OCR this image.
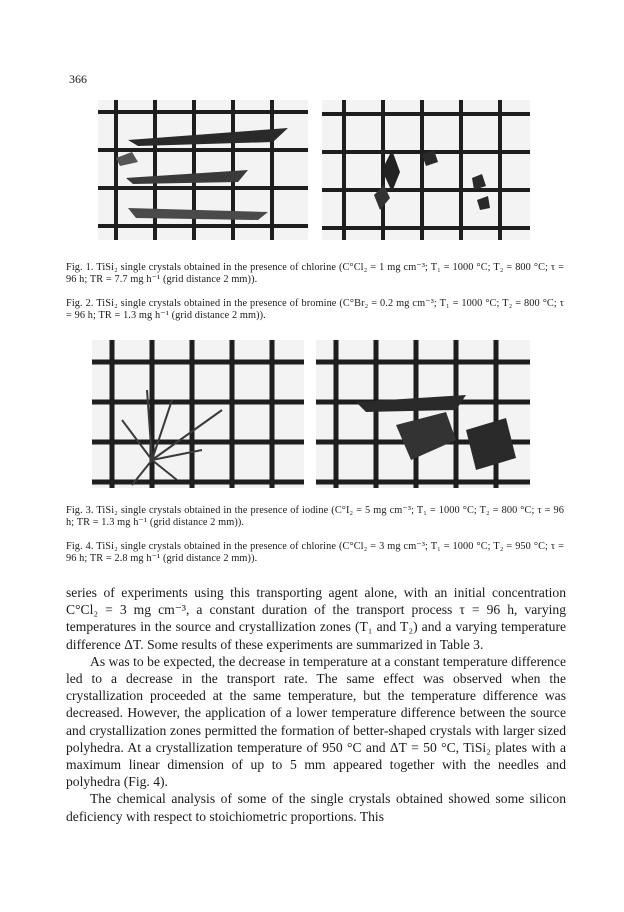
366
Fig. 1. TiSi₂ single crystals obtained in the presence of chlorine (C°Cl₂ = 1 mg cm⁻³; T₁ = 1000 °C; T₂ = 800 °C; τ = 96 h; TR = 7.7 mg h⁻¹ (grid distance 2 mm)).
Fig. 2. TiSi₂ single crystals obtained in the presence of bromine (C°Br₂ = 0.2 mg cm⁻³; T₁ = 1000 °C; T₂ = 800 °C; τ = 96 h; TR = 1.3 mg h⁻¹ (grid distance 2 mm)).
Fig. 3. TiSi₂ single crystals obtained in the presence of iodine (C°I₂ = 5 mg cm⁻³; T₁ = 1000 °C; T₂ = 800 °C; τ = 96 h; TR = 1.3 mg h⁻¹ (grid distance 2 mm)).
Fig. 4. TiSi₂ single crystals obtained in the presence of chlorine (C°Cl₂ = 3 mg cm⁻³; T₁ = 1000 °C; T₂ = 950 °C; τ = 96 h; TR = 2.8 mg h⁻¹ (grid distance 2 mm)).

series of experiments using this transporting agent alone, with an initial concentration C°Cl₂ = 3 mg cm⁻³, a constant duration of the transport process τ = 96 h, varying temperatures in the source and crystallization zones (T₁ and T₂) and a varying temperature difference ΔT. Some results of these experiments are summarized in Table 3.

As was to be expected, the decrease in temperature at a constant temperature difference led to a decrease in the transport rate. The same effect was observed when the crystallization proceeded at the same temperature, but the temperature difference was decreased. However, the application of a lower temperature difference between the source and crystallization zones permitted the formation of better-shaped crystals with larger sized polyhedra. At a crystallization temperature of 950 °C and ΔT = 50 °C, TiSi₂ plates with a maximum linear dimension of up to 5 mm appeared together with the needles and polyhedra (Fig. 4).

The chemical analysis of some of the single crystals obtained showed some silicon deficiency with respect to stoichiometric proportions. This
